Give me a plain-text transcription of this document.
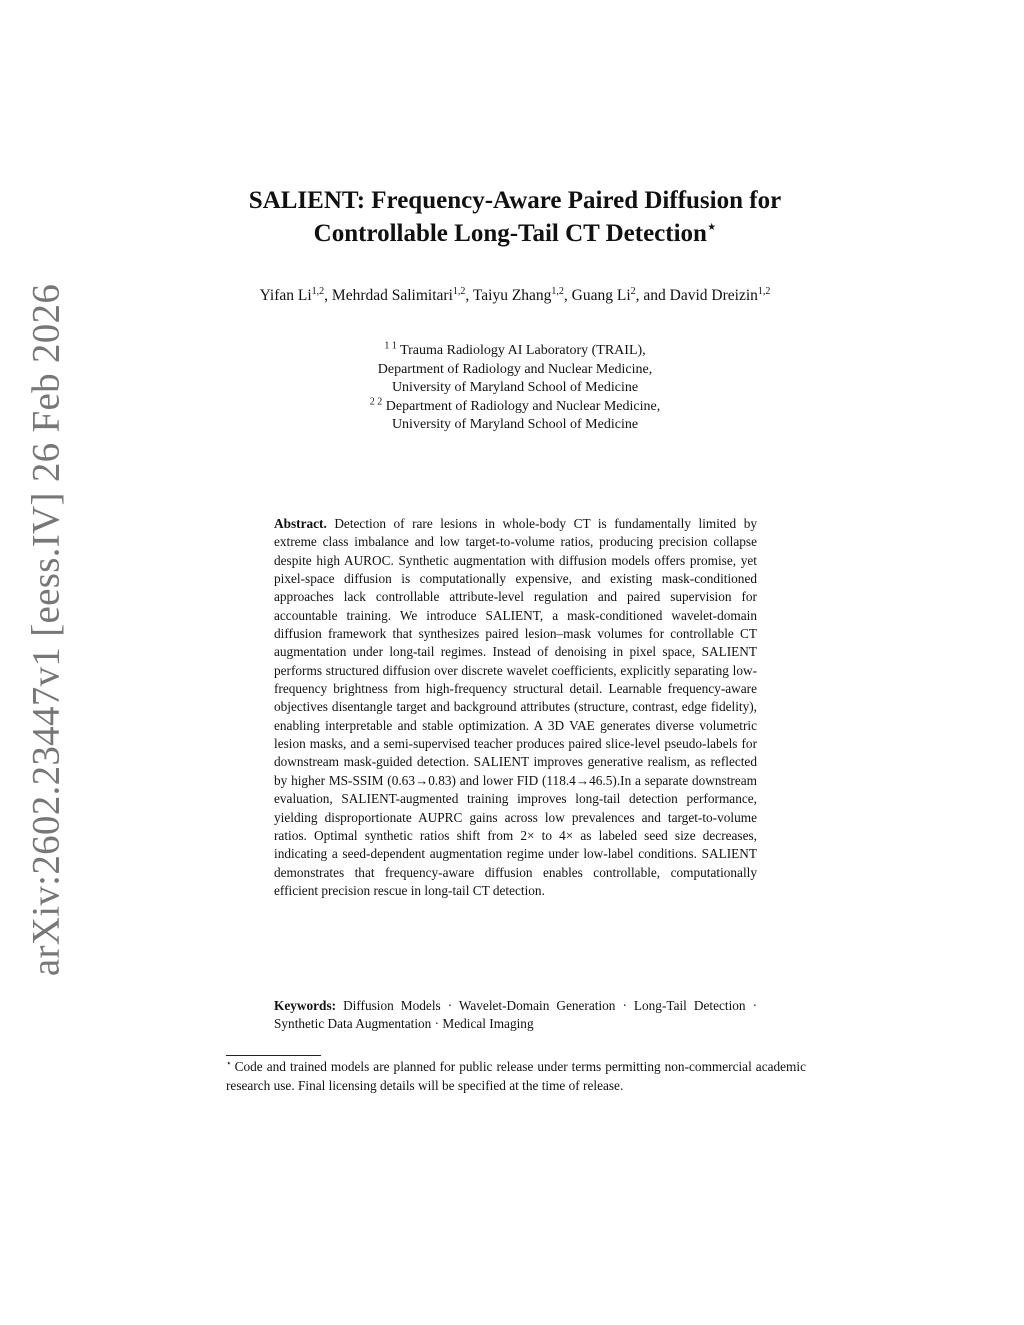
arXiv:2602.23447v1 [eess.IV] 26 Feb 2026
SALIENT: Frequency-Aware Paired Diffusion for
Controllable Long-Tail CT Detection⋆
Yifan Li$^{1,2}$, Mehrdad Salimitari$^{1,2}$, Taiyu Zhang$^{1,2}$, Guang Li$^2$, and David Dreizin$^{1,2}$
$^{1 1}$ Trauma Radiology AI Laboratory (TRAIL),
Department of Radiology and Nuclear Medicine,
University of Maryland School of Medicine
$^{2 2}$ Department of Radiology and Nuclear Medicine,
University of Maryland School of Medicine
Abstract. Detection of rare lesions in whole-body CT is fundamentally limited by extreme class imbalance and low target-to-volume ratios, producing precision collapse despite high AUROC. Synthetic augmentation with diffusion models offers promise, yet pixel-space diffusion is computationally expensive, and existing mask-conditioned approaches lack controllable attribute-level regulation and paired supervision for accountable training. We introduce SALIENT, a mask-conditioned wavelet-domain diffusion framework that synthesizes paired lesion–mask volumes for controllable CT augmentation under long-tail regimes. Instead of denoising in pixel space, SALIENT performs structured diffusion over discrete wavelet coefficients, explicitly separating low-frequency brightness from high-frequency structural detail. Learnable frequency-aware objectives disentangle target and background attributes (structure, contrast, edge fidelity), enabling interpretable and stable optimization. A 3D VAE generates diverse volumetric lesion masks, and a semi-supervised teacher produces paired slice-level pseudo-labels for downstream mask-guided detection. SALIENT improves generative realism, as reflected by higher MS-SSIM (0.63→0.83) and lower FID (118.4→46.5).In a separate downstream evaluation, SALIENT-augmented training improves long-tail detection performance, yielding disproportionate AUPRC gains across low prevalences and target-to-volume ratios. Optimal synthetic ratios shift from 2× to 4× as labeled seed size decreases, indicating a seed-dependent augmentation regime under low-label conditions. SALIENT demonstrates that frequency-aware diffusion enables controllable, computationally efficient precision rescue in long-tail CT detection.
Keywords: Diffusion Models · Wavelet-Domain Generation · Long-Tail Detection · Synthetic Data Augmentation · Medical Imaging
⋆ Code and trained models are planned for public release under terms permitting non-commercial academic research use. Final licensing details will be specified at the time of release.
